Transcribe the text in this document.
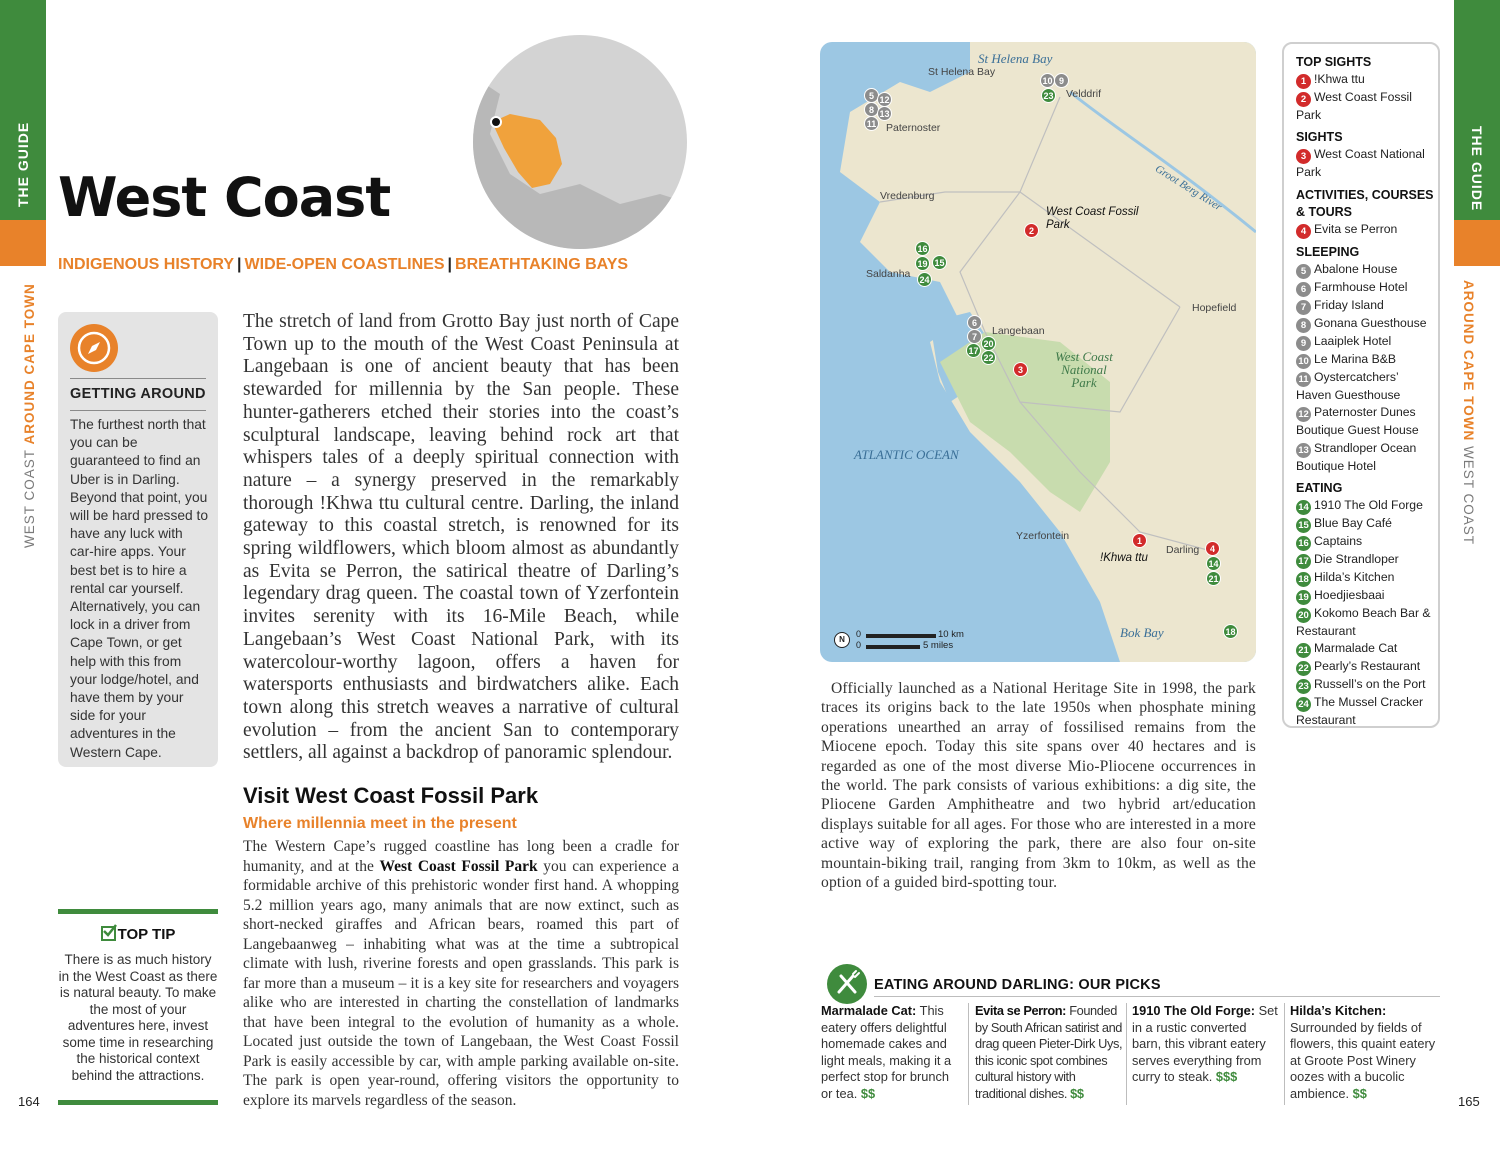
THE GUIDE
WEST COAST AROUND CAPE TOWN
West Coast
INDIGENOUS HISTORY | WIDE-OPEN COASTLINES | BREATHTAKING BAYS
GETTING AROUND
The furthest north that you can be guaranteed to find an Uber is in Darling. Beyond that point, you will be hard pressed to have any luck with car-hire apps. Your best bet is to hire a rental car yourself. Alternatively, you can lock in a driver from Cape Town, or get help with this from your lodge/hotel, and have them by your side for your adventures in the Western Cape.
TOP TIP
There is as much history in the West Coast as there is natural beauty. To make the most of your adventures here, invest some time in researching the historical context behind the attractions.
164
The stretch of land from Grotto Bay just north of Cape Town up to the mouth of the West Coast Peninsula at Langebaan is one of ancient beauty that has been stewarded for millennia by the San people. These hunter-gatherers etched their stories into the coast’s sculptural landscape, leaving behind rock art that whispers tales of a deeply spiritual connection with nature – a synergy preserved in the remarkably thorough !Khwa ttu cultural centre. Darling, the inland gateway to this coastal stretch, is renowned for its spring wildflowers, which bloom almost as abundantly as Evita se Perron, the satirical theatre of Darling’s legendary drag queen. The coastal town of Yzerfontein invites serenity with its 16-Mile Beach, while Langebaan’s West Coast National Park, with its watercolour-worthy lagoon, offers a haven for watersports enthusiasts and birdwatchers alike. Each town along this stretch weaves a narrative of cultural evolution – from the ancient San to contemporary settlers, all against a backdrop of panoramic splendour.
Visit West Coast Fossil Park
Where millennia meet in the present
The Western Cape’s rugged coastline has long been a cradle for humanity, and at the West Coast Fossil Park you can experience a formidable archive of this prehistoric wonder first hand. A whopping 5.2 million years ago, many animals that are now extinct, such as short-necked giraffes and African bears, roamed this part of Langebaanweg – inhabiting what was at the time a subtropical climate with lush, riverine forests and open grasslands. This park is far more than a museum – it is a key site for researchers and voyagers alike who are interested in charting the constellation of landmarks that have been integral to the evolution of humanity as a whole. Located just outside the town of Langebaan, the West Coast Fossil Park is easily accessible by car, with ample parking available on-site. The park is open year-round, offering visitors the opportunity to explore its marvels regardless of the season.
St Helena Bay
ATLANTIC OCEAN
Bok Bay
St Helena Bay
Velddrif
Paternoster
Vredenburg
Saldanha
Langebaan
Hopefield
Yzerfontein
Darling
Groot Berg River
West Coast National Park
West Coast Fossil Park
!Khwa ttu
2
3
1
4
5 12
8 13
11
10 9
23
16
19 15
24
6
7
20
17
22
14
21
18
N
0
0
10 km
5 miles
Officially launched as a National Heritage Site in 1998, the park traces its origins back to the late 1950s when phosphate mining operations unearthed an array of fossilised remains from the Miocene epoch. Today this site spans over 40 hectares and is regarded as one of the most diverse Mio-Pliocene occurrences in the world. The park consists of various exhibitions: a dig site, the Pliocene Garden Amphitheatre and two hybrid art/education displays suitable for all ages. For those who are interested in a more active way of exploring the park, there are also four on-site mountain-biking trail, ranging from 3km to 10km, as well as the option of a guided bird-spotting tour.
TOP SIGHTS
1 !Khwa ttu
2 West Coast Fossil Park
SIGHTS
3 West Coast National Park
ACTIVITIES, COURSES & TOURS
4 Evita se Perron
SLEEPING
5 Abalone House
6 Farmhouse Hotel
7 Friday Island
8 Gonana Guesthouse
9 Laaiplek Hotel
10 Le Marina B&B
11 Oystercatchers’ Haven Guesthouse
12 Paternoster Dunes Boutique Guest House
13 Strandloper Ocean Boutique Hotel
EATING
14 1910 The Old Forge
15 Blue Bay Café
16 Captains
17 Die Strandloper
18 Hilda’s Kitchen
19 Hoedjiesbaai
20 Kokomo Beach Bar & Restaurant
21 Marmalade Cat
22 Pearly’s Restaurant
23 Russell’s on the Port
24 The Mussel Cracker Restaurant
EATING AROUND DARLING: OUR PICKS
Marmalade Cat: This eatery offers delightful homemade cakes and light meals, making it a perfect stop for brunch or tea. $$
Evita se Perron: Founded by South African satirist and drag queen Pieter-Dirk Uys, this iconic spot combines cultural history with traditional dishes. $$
1910 The Old Forge: Set in a rustic converted barn, this vibrant eatery serves everything from curry to steak. $$$
Hilda’s Kitchen: Surrounded by fields of flowers, this quaint eatery at Groote Post Winery oozes with a bucolic ambience. $$
THE GUIDE
AROUND CAPE TOWN WEST COAST
165
